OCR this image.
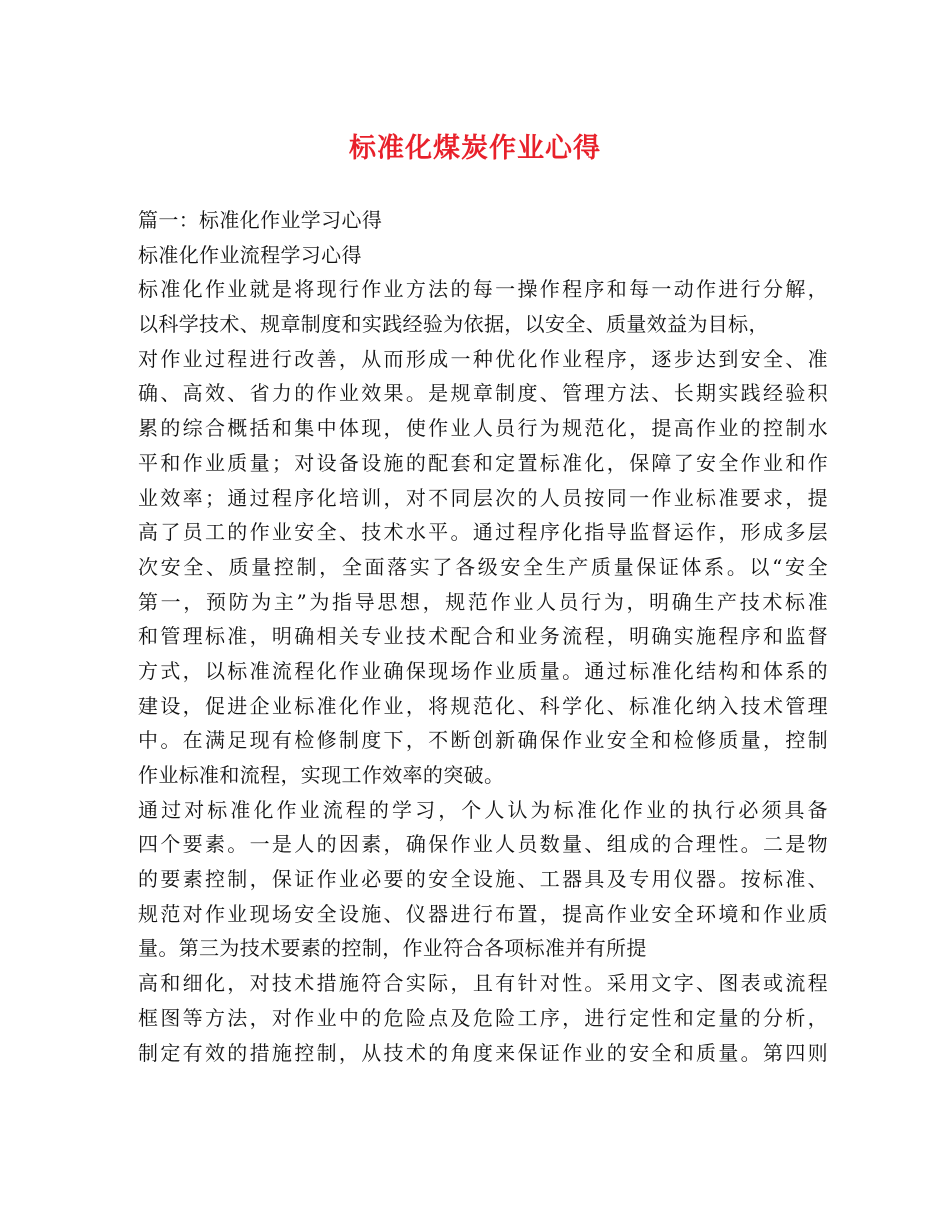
标准化煤炭作业心得
篇一：标准化作业学习心得
标准化作业流程学习心得
标准化作业就是将现行作业方法的每一操作程序和每一动作进行分解，
以科学技术、规章制度和实践经验为依据，以安全、质量效益为目标，
对作业过程进行改善，从而形成一种优化作业程序，逐步达到安全、准
确、高效、省力的作业效果。是规章制度、管理方法、长期实践经验积
累的综合概括和集中体现，使作业人员行为规范化，提高作业的控制水
平和作业质量；对设备设施的配套和定置标准化，保障了安全作业和作
业效率；通过程序化培训，对不同层次的人员按同一作业标准要求，提
高了员工的作业安全、技术水平。通过程序化指导监督运作，形成多层
次安全、质量控制，全面落实了各级安全生产质量保证体系。以“安全
第一，预防为主”为指导思想，规范作业人员行为，明确生产技术标准
和管理标准，明确相关专业技术配合和业务流程，明确实施程序和监督
方式，以标准流程化作业确保现场作业质量。通过标准化结构和体系的
建设，促进企业标准化作业，将规范化、科学化、标准化纳入技术管理
中。在满足现有检修制度下，不断创新确保作业安全和检修质量，控制
作业标准和流程，实现工作效率的突破。
通过对标准化作业流程的学习，个人认为标准化作业的执行必须具备
四个要素。一是人的因素，确保作业人员数量、组成的合理性。二是物
的要素控制，保证作业必要的安全设施、工器具及专用仪器。按标准、
规范对作业现场安全设施、仪器进行布置，提高作业安全环境和作业质
量。第三为技术要素的控制，作业符合各项标准并有所提
高和细化，对技术措施符合实际，且有针对性。采用文字、图表或流程
框图等方法，对作业中的危险点及危险工序，进行定性和定量的分析，
制定有效的措施控制，从技术的角度来保证作业的安全和质量。第四则
